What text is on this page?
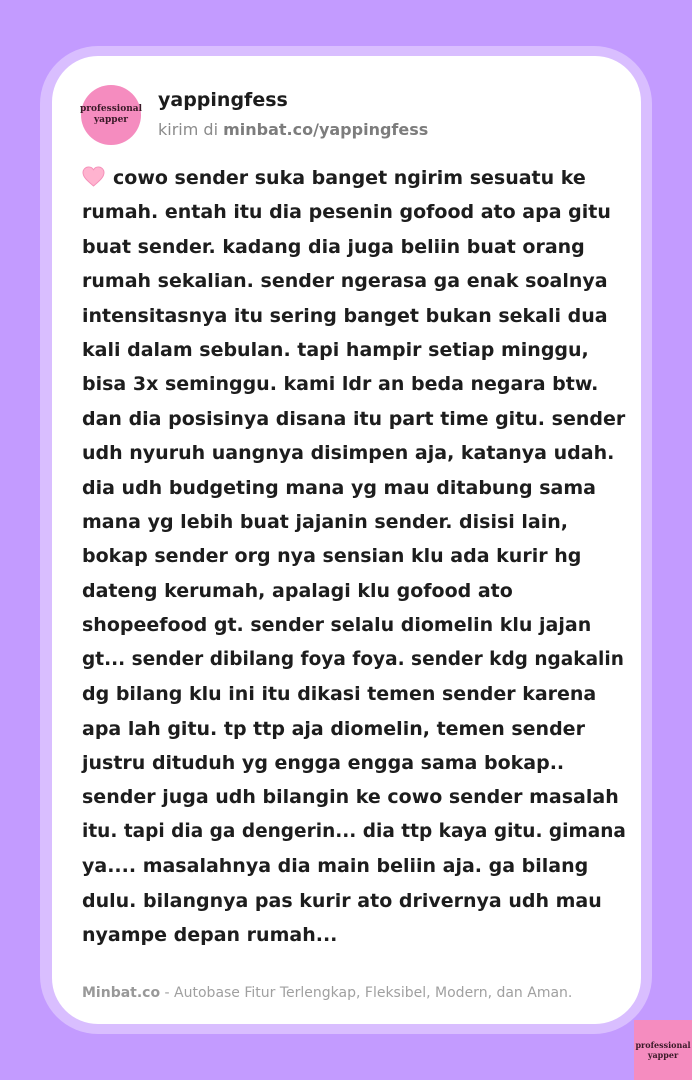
professional
yapper
yappingfess
kirim di minbat.co/yappingfess
cowo sender suka banget ngirim sesuatu ke
rumah. entah itu dia pesenin gofood ato apa gitu
buat sender. kadang dia juga beliin buat orang
rumah sekalian. sender ngerasa ga enak soalnya
intensitasnya itu sering banget bukan sekali dua
kali dalam sebulan. tapi hampir setiap minggu,
bisa 3x seminggu. kami ldr an beda negara btw.
dan dia posisinya disana itu part time gitu. sender
udh nyuruh uangnya disimpen aja, katanya udah.
dia udh budgeting mana yg mau ditabung sama
mana yg lebih buat jajanin sender. disisi lain,
bokap sender org nya sensian klu ada kurir hg
dateng kerumah, apalagi klu gofood ato
shopeefood gt. sender selalu diomelin klu jajan
gt... sender dibilang foya foya. sender kdg ngakalin
dg bilang klu ini itu dikasi temen sender karena
apa lah gitu. tp ttp aja diomelin, temen sender
justru dituduh yg engga engga sama bokap..
sender juga udh bilangin ke cowo sender masalah
itu. tapi dia ga dengerin... dia ttp kaya gitu. gimana
ya.... masalahnya dia main beliin aja. ga bilang
dulu. bilangnya pas kurir ato drivernya udh mau
nyampe depan rumah...
Minbat.co - Autobase Fitur Terlengkap, Fleksibel, Modern, dan Aman.
professional
yapper
